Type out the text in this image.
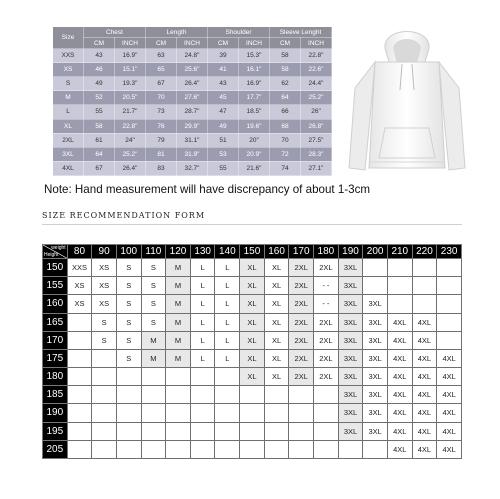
Size	Chest		Length		Shoulder		Sleeve Lenght	
	CM	INCH	CM	INCH	CM	INCH	CM	INCH
XXS	43	16.9"	63	24.8"	39	15.3"	58	22.8"
XS	46	15.1"	65	25.6"	41	16.1"	58	22.6"
S	49	19.3"	67	26.4"	43	16.9"	62	24.4"
M	52	20.5"	70	27.6"	45	17.7"	64	25.2"
L	55	21.7"	73	28.7"	47	18.5"	66	26"
XL	58	22.8"	76	29.9"	49	19.6"	68	26.8"
2XL	61	24"	79	31.1"	51	20"	70	27.5"
3XL	64	25.2"	81	31.9"	53	20.9"	72	28.3"
4XL	67	26.4"	83	32.7"	55	21.6"	74	27.1"
Note: Hand measurement will have discrepancy of about 1-3cm
SIZE RECOMMENDATION FORM
weight
Height	80	90	100	110	120	130	140	150	160	170	180	190	200	210	220	230
150	XXS	XS	S	S	M	L	L	XL	XL	2XL	2XL	3XL				
155	XS	XS	S	S	M	L	L	XL	XL	2XL	- -	3XL				
160	XS	XS	S	S	M	L	L	XL	XL	2XL	- -	3XL	3XL			
165		S	S	S	M	L	L	XL	XL	2XL	2XL	3XL	3XL	4XL	4XL	
170		S	S	M	M	L	L	XL	XL	2XL	2XL	3XL	3XL	4XL	4XL	
175			S	M	M	L	L	XL	XL	2XL	2XL	3XL	3XL	4XL	4XL	4XL
180								XL	XL	2XL	2XL	3XL	3XL	4XL	4XL	4XL
185												3XL	3XL	4XL	4XL	4XL
190												3XL	3XL	4XL	4XL	4XL
195												3XL	3XL	4XL	4XL	4XL
205														4XL	4XL	4XL
